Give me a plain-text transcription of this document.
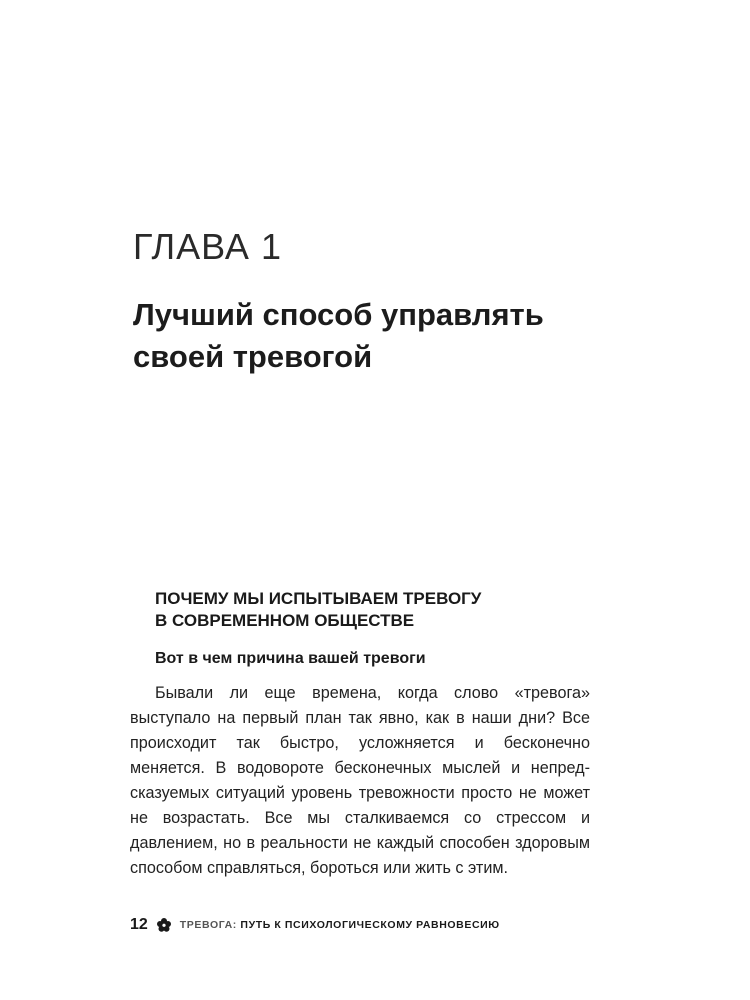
ГЛАВА 1
Лучший способ управлять
своей тревогой
ПОЧЕМУ МЫ ИСПЫТЫВАЕМ ТРЕВОГУ
В СОВРЕМЕННОМ ОБЩЕСТВЕ
Вот в чем причина вашей тревоги

Бывали ли еще времена, когда слово «тревога» выступало на первый план так явно, как в наши дни? Все происходит так быстро, усложняется и бесконечно меняется. В водовороте бесконечных мыслей и непредсказуемых ситуаций уровень тревожности просто не может не возрастать. Все мы сталкиваемся со стрессом и давлением, но в реальности не каждый способен здоровым способом справляться, бороться или жить с этим.

12	ТРЕВОГА: ПУТЬ К ПСИХОЛОГИЧЕСКОМУ РАВНОВЕСИЮ
